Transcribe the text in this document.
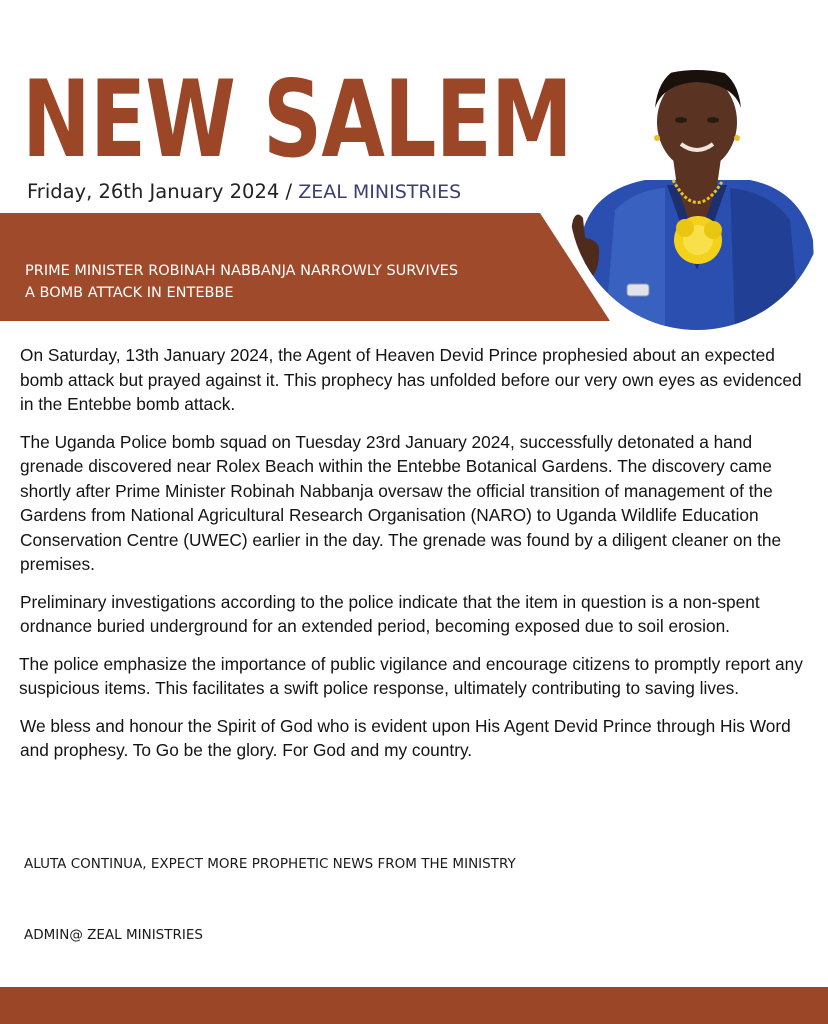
NEW SALEM
Friday, 26th January 2024 / ZEAL MINISTRIES
PRIME MINISTER ROBINAH NABBANJA NARROWLY SURVIVES
A BOMB ATTACK IN ENTEBBE

On Saturday, 13th January 2024, the Agent of Heaven Devid Prince prophesied about an expected bomb attack but prayed against it. This prophecy has unfolded before our very own eyes as evidenced in the Entebbe bomb attack.

The Uganda Police bomb squad on Tuesday 23rd January 2024, successfully detonated a hand grenade discovered near Rolex Beach within the Entebbe Botanical Gardens. The discovery came shortly after Prime Minister Robinah Nabbanja oversaw the official transition of management of the Gardens from National Agricultural Research Organisation (NARO) to Uganda Wildlife Education Conservation Centre (UWEC) earlier in the day. The grenade was found by a diligent cleaner on the premises.

Preliminary investigations according to the police indicate that the item in question is a non-spent ordnance buried underground for an extended period, becoming exposed due to soil erosion.

The police emphasize the importance of public vigilance and encourage citizens to promptly report any suspicious items. This facilitates a swift police response, ultimately contributing to saving lives.

We bless and honour the Spirit of God who is evident upon His Agent Devid Prince through His Word and prophesy. To Go be the glory. For God and my country.

ALUTA CONTINUA, EXPECT MORE PROPHETIC NEWS FROM THE MINISTRY
ADMIN@ ZEAL MINISTRIES
